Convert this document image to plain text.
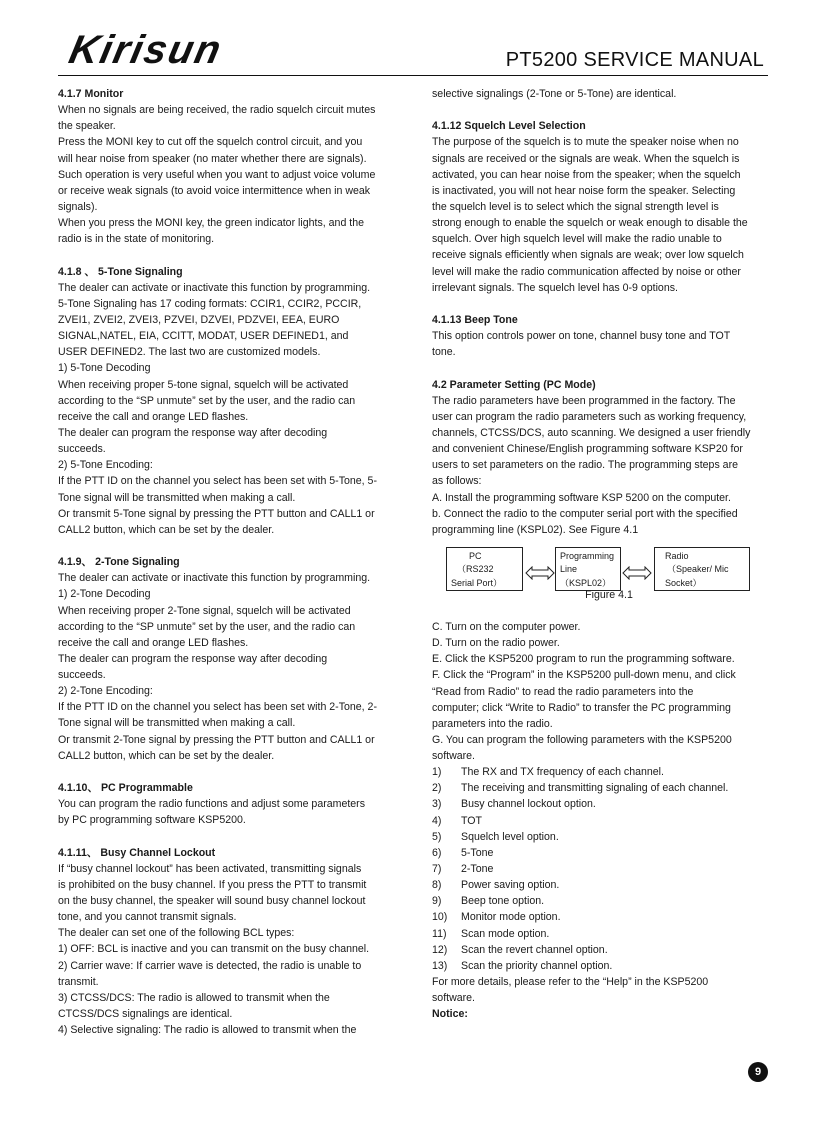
Kirisun	PT5200 SERVICE MANUAL
4.1.7 Monitor
When no signals are being received, the radio squelch circuit mutes
the speaker.
Press the MONI key to cut off the squelch control circuit, and you
will hear noise from speaker (no mater whether there are signals).
Such operation is very useful when you want to adjust voice volume
or receive weak signals (to avoid voice intermittence when in weak
signals).
When you press the MONI key, the green indicator lights, and the
radio is in the state of monitoring.
4.1.8 、 5-Tone Signaling
The dealer can activate or inactivate this function by programming.
5-Tone Signaling has 17 coding formats: CCIR1, CCIR2, PCCIR,
ZVEI1, ZVEI2, ZVEI3, PZVEI, DZVEI, PDZVEI, EEA, EURO
SIGNAL,NATEL, EIA, CCITT, MODAT, USER DEFINED1, and
USER DEFINED2. The last two are customized models.
1) 5-Tone Decoding
When receiving proper 5-tone signal, squelch will be activated
according to the “SP unmute” set by the user, and the radio can
receive the call and orange LED flashes.
The dealer can program the response way after decoding
succeeds.
2) 5-Tone Encoding:
If the PTT ID on the channel you select has been set with 5-Tone, 5-
Tone signal will be transmitted when making a call.
Or transmit 5-Tone signal by pressing the PTT button and CALL1 or
CALL2 button, which can be set by the dealer.
4.1.9、 2-Tone Signaling
The dealer can activate or inactivate this function by programming.
1) 2-Tone Decoding
When receiving proper 2-Tone signal, squelch will be activated
according to the “SP unmute” set by the user, and the radio can
receive the call and orange LED flashes.
The dealer can program the response way after decoding
succeeds.
2) 2-Tone Encoding:
If the PTT ID on the channel you select has been set with 2-Tone, 2-
Tone signal will be transmitted when making a call.
Or transmit 2-Tone signal by pressing the PTT button and CALL1 or
CALL2 button, which can be set by the dealer.
4.1.10、 PC Programmable
You can program the radio functions and adjust some parameters
by PC programming software KSP5200.
4.1.11、 Busy Channel Lockout
If “busy channel lockout” has been activated, transmitting signals
is prohibited on the busy channel. If you press the PTT to transmit
on the busy channel, the speaker will sound busy channel lockout
tone, and you cannot transmit signals.
The dealer can set one of the following BCL types:
1) OFF: BCL is inactive and you can transmit on the busy channel.
2) Carrier wave: If carrier wave is detected, the radio is unable to
transmit.
3) CTCSS/DCS: The radio is allowed to transmit when the
CTCSS/DCS signalings are identical.
4) Selective signaling: The radio is allowed to transmit when the
selective signalings (2-Tone or 5-Tone) are identical.
4.1.12 Squelch Level Selection
The purpose of the squelch is to mute the speaker noise when no
signals are received or the signals are weak. When the squelch is
activated, you can hear noise from the speaker; when the squelch
is inactivated, you will not hear noise form the speaker. Selecting
the squelch level is to select which the signal strength level is
strong enough to enable the squelch or weak enough to disable the
squelch. Over high squelch level will make the radio unable to
receive signals efficiently when signals are weak; over low squelch
level will make the radio communication affected by noise or other
irrelevant signals. The squelch level has 0-9 options.
4.1.13 Beep Tone
This option controls power on tone, channel busy tone and TOT
tone.
4.2 Parameter Setting (PC Mode)
The radio parameters have been programmed in the factory. The
user can program the radio parameters such as working frequency,
channels, CTCSS/DCS, auto scanning. We designed a user friendly
and convenient Chinese/English programming software KSP20 for
users to set parameters on the radio. The programming steps are
as follows:
A. Install the programming software KSP 5200 on the computer.
b. Connect the radio to the computer serial port with the specified
programming line (KSPL02). See Figure 4.1
PC
（RS232
Serial Port）
Programming
Line
（KSPL02）
Radio
（Speaker/ Mic
Socket）
Figure 4.1
C. Turn on the computer power.
D. Turn on the radio power.
E. Click the KSP5200 program to run the programming software.
F. Click the “Program” in the KSP5200 pull-down menu, and click
“Read from Radio” to read the radio parameters into the
computer; click “Write to Radio” to transfer the PC programming
parameters into the radio.
G. You can program the following parameters with the KSP5200
software.
1)	The RX and TX frequency of each channel.
2)	The receiving and transmitting signaling of each channel.
3)	Busy channel lockout option.
4)	TOT
5)	Squelch level option.
6)	5-Tone
7)	2-Tone
8)	Power saving option.
9)	Beep tone option.
10)	Monitor mode option.
11)	Scan mode option.
12)	Scan the revert channel option.
13)	Scan the priority channel option.
For more details, please refer to the “Help” in the KSP5200
software.
Notice:
9
